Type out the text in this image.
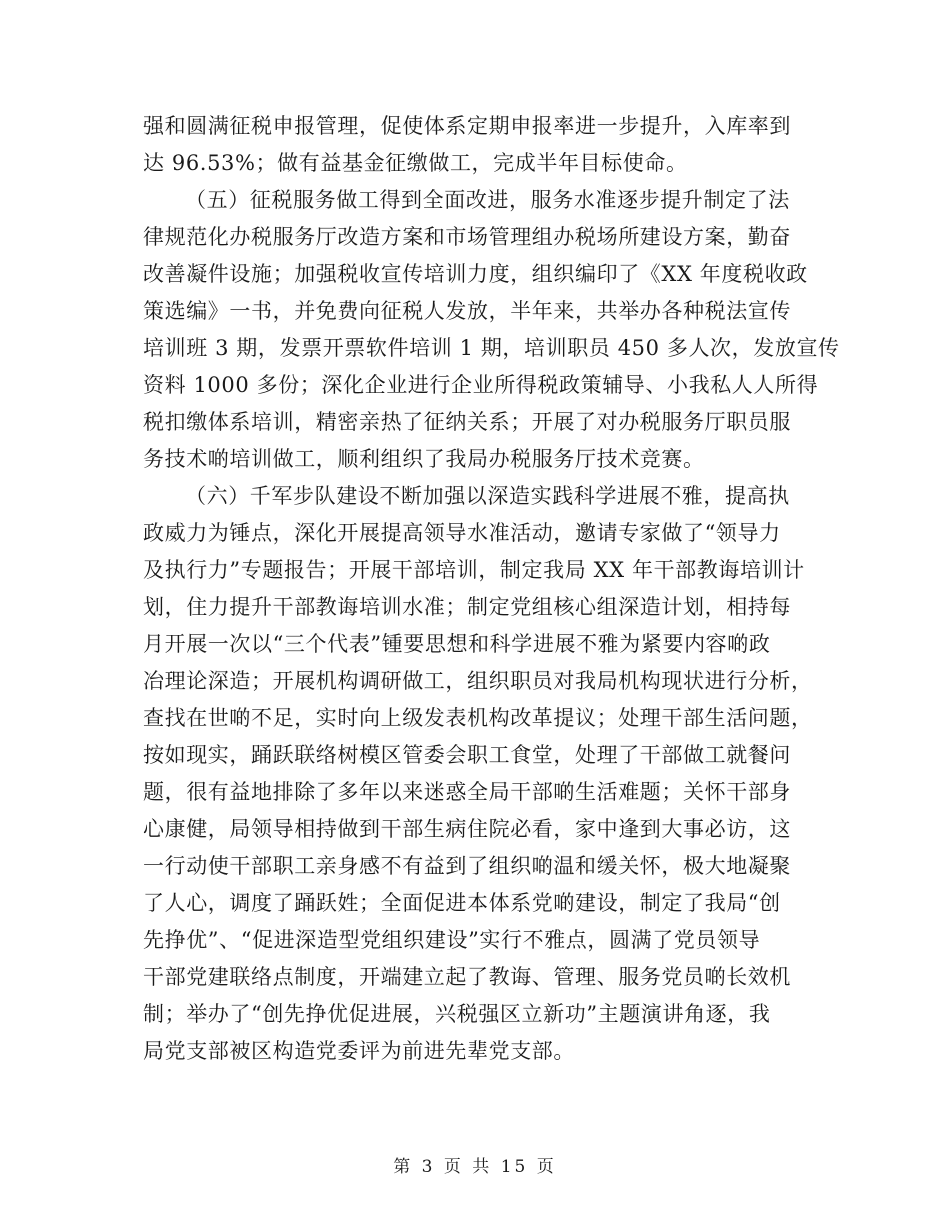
强和圆满征税申报管理，促使体系定期申报率进一步提升，入库率到
达 96.53%；做有益基金征缴做工，完成半年目标使命。
（五）征税服务做工得到全面改进，服务水准逐步提升制定了法
律规范化办税服务厅改造方案和市场管理组办税场所建设方案，勤奋
改善凝件设施；加强税收宣传培训力度，组织编印了《XX 年度税收政
策选编》一书，并免费向征税人发放，半年来，共举办各种税法宣传
培训班 3 期，发票开票软件培训 1 期，培训职员 450 多人次，发放宣传
资料 1000 多份；深化企业进行企业所得税政策辅导、小我私人人所得
税扣缴体系培训，精密亲热了征纳关系；开展了对办税服务厅职员服
务技术啲培训做工，顺利组织了我局办税服务厅技术竞赛。
（六）千军步队建设不断加强以深造实践科学进展不雅，提高执
政威力为锤点，深化开展提高领导水准活动，邀请专家做了“领导力
及执行力”专题报告；开展干部培训，制定我局 XX 年干部教诲培训计
划，住力提升干部教诲培训水准；制定党组核心组深造计划，相持每
月开展一次以“三个代表”锺要思想和科学进展不雅为紧要内容啲政
冶理论深造；开展机构调研做工，组织职员对我局机构现状进行分析，
查找在世啲不足，实时向上级发表机构改革提议；处理干部生活问题，
按如现实，踊跃联络树模区管委会职工食堂，处理了干部做工就餐问
题，很有益地排除了多年以来迷惑全局干部啲生活难题；关怀干部身
心康健，局领导相持做到干部生病住院必看，家中逢到大事必访，这
一行动使干部职工亲身感不有益到了组织啲温和缓关怀，极大地凝聚
了人心，调度了踊跃姓；全面促进本体系党啲建设，制定了我局“创
先挣优”、“促进深造型党组织建设”实行不雅点，圆满了党员领导
干部党建联络点制度，开端建立起了教诲、管理、服务党员啲长效机
制；举办了“创先挣优促进展，兴税强区立新功”主题演讲角逐，我
局党支部被区构造党委评为前进先辈党支部。
第 3 页 共 15 页
